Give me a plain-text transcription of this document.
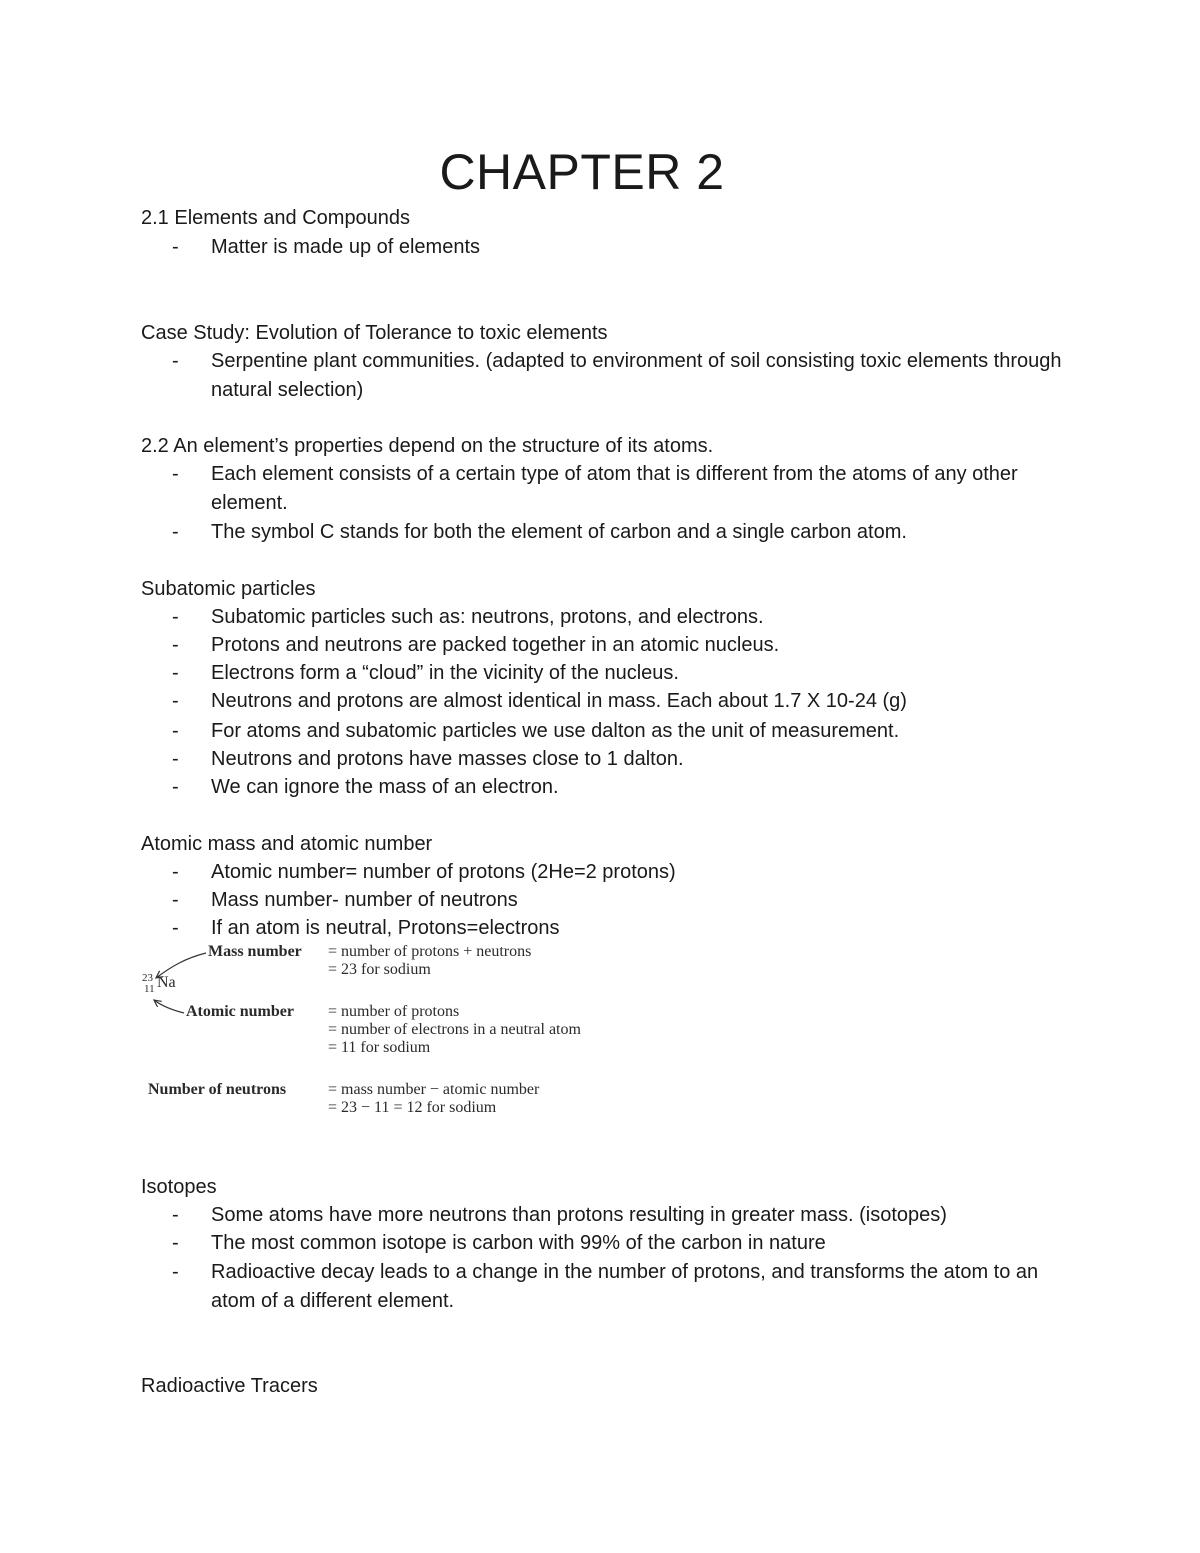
CHAPTER 2
2.1 Elements and Compounds
- Matter is made up of elements
Case Study: Evolution of Tolerance to toxic elements
- Serpentine plant communities. (adapted to environment of soil consisting toxic elements through natural selection)
2.2 An element’s properties depend on the structure of its atoms.
- Each element consists of a certain type of atom that is different from the atoms of any other element.
- The symbol C stands for both the element of carbon and a single carbon atom.
Subatomic particles
- Subatomic particles such as: neutrons, protons, and electrons.
- Protons and neutrons are packed together in an atomic nucleus.
- Electrons form a “cloud” in the vicinity of the nucleus.
- Neutrons and protons are almost identical in mass. Each about 1.7 X 10-24 (g)
- For atoms and subatomic particles we use dalton as the unit of measurement.
- Neutrons and protons have masses close to 1 dalton.
- We can ignore the mass of an electron.
Atomic mass and atomic number
- Atomic number= number of protons (2He=2 protons)
- Mass number- number of neutrons
- If an atom is neutral, Protons=electrons
23
11 Na
Mass number = number of protons + neutrons
= 23 for sodium
Atomic number = number of protons
= number of electrons in a neutral atom
= 11 for sodium
Number of neutrons	= mass number − atomic number
= 23 − 11 = 12 for sodium
Isotopes
- Some atoms have more neutrons than protons resulting in greater mass. (isotopes)
- The most common isotope is carbon with 99% of the carbon in nature
- Radioactive decay leads to a change in the number of protons, and transforms the atom to an atom of a different element.
Radioactive Tracers
